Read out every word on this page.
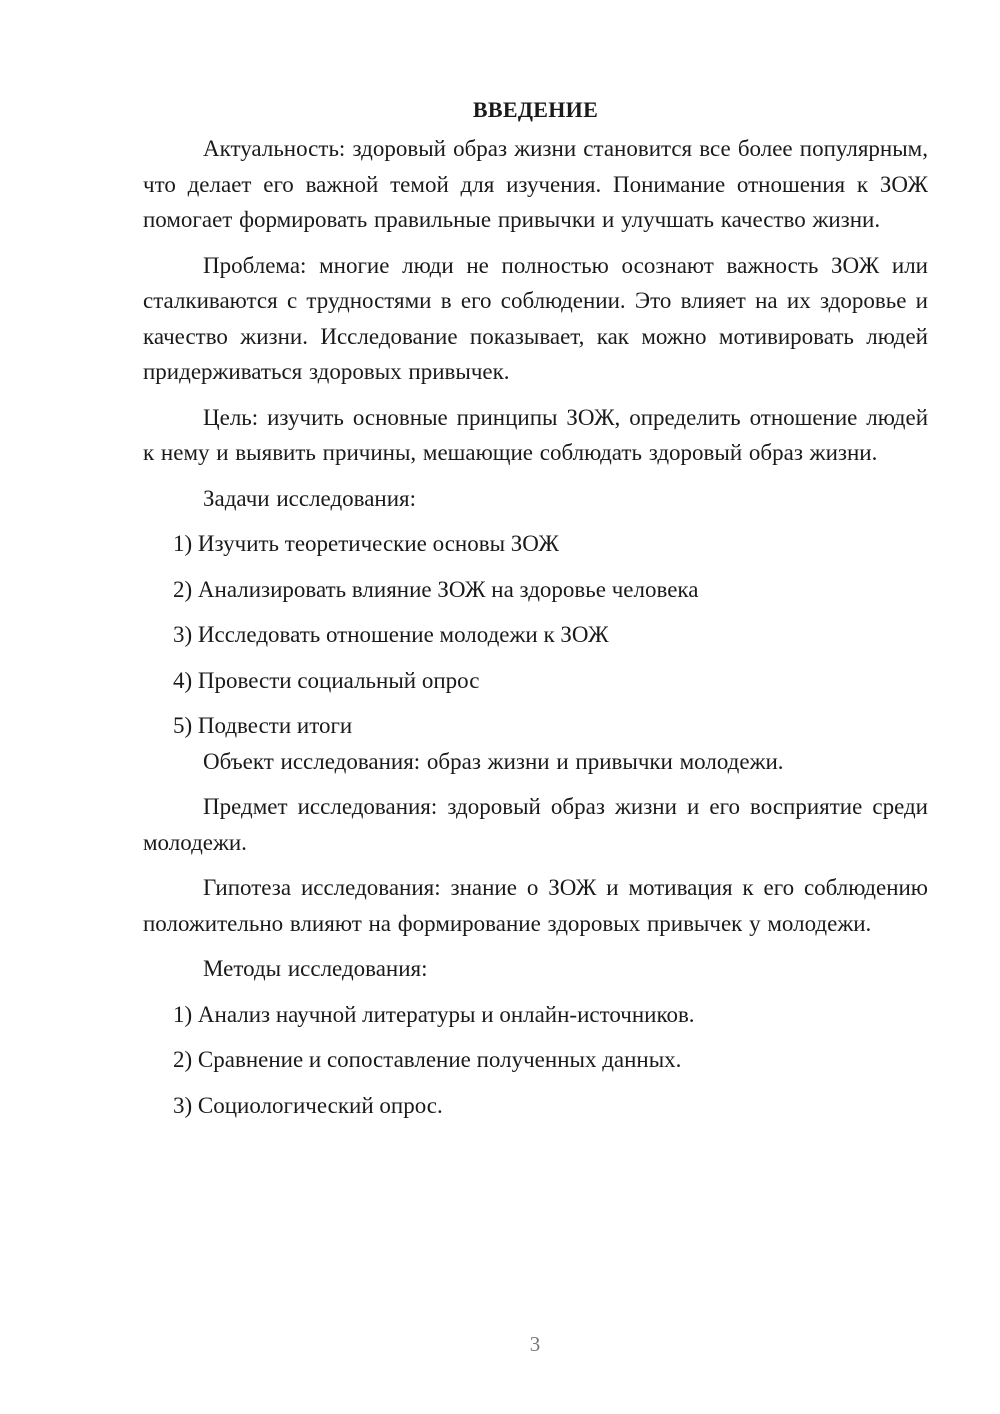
ВВЕДЕНИЕ

Актуальность: здоровый образ жизни становится все более популярным, что делает его важной темой для изучения. Понимание отношения к ЗОЖ помогает формировать правильные привычки и улучшать качество жизни.

Проблема: многие люди не полностью осознают важность ЗОЖ или сталкиваются с трудностями в его соблюдении. Это влияет на их здоровье и качество жизни. Исследование показывает, как можно мотивировать людей придерживаться здоровых привычек.

Цель: изучить основные принципы ЗОЖ, определить отношение людей к нему и выявить причины, мешающие соблюдать здоровый образ жизни.

Задачи исследования:

1) Изучить теоретические основы ЗОЖ
2) Анализировать влияние ЗОЖ на здоровье человека
3) Исследовать отношение молодежи к ЗОЖ
4) Провести социальный опрос
5) Подвести итоги

Объект исследования: образ жизни и привычки молодежи.

Предмет исследования: здоровый образ жизни и его восприятие среди молодежи.

Гипотеза исследования: знание о ЗОЖ и мотивация к его соблюдению положительно влияют на формирование здоровых привычек у молодежи.

Методы исследования:

1) Анализ научной литературы и онлайн-источников.
2) Сравнение и сопоставление полученных данных.
3) Социологический опрос.
3
